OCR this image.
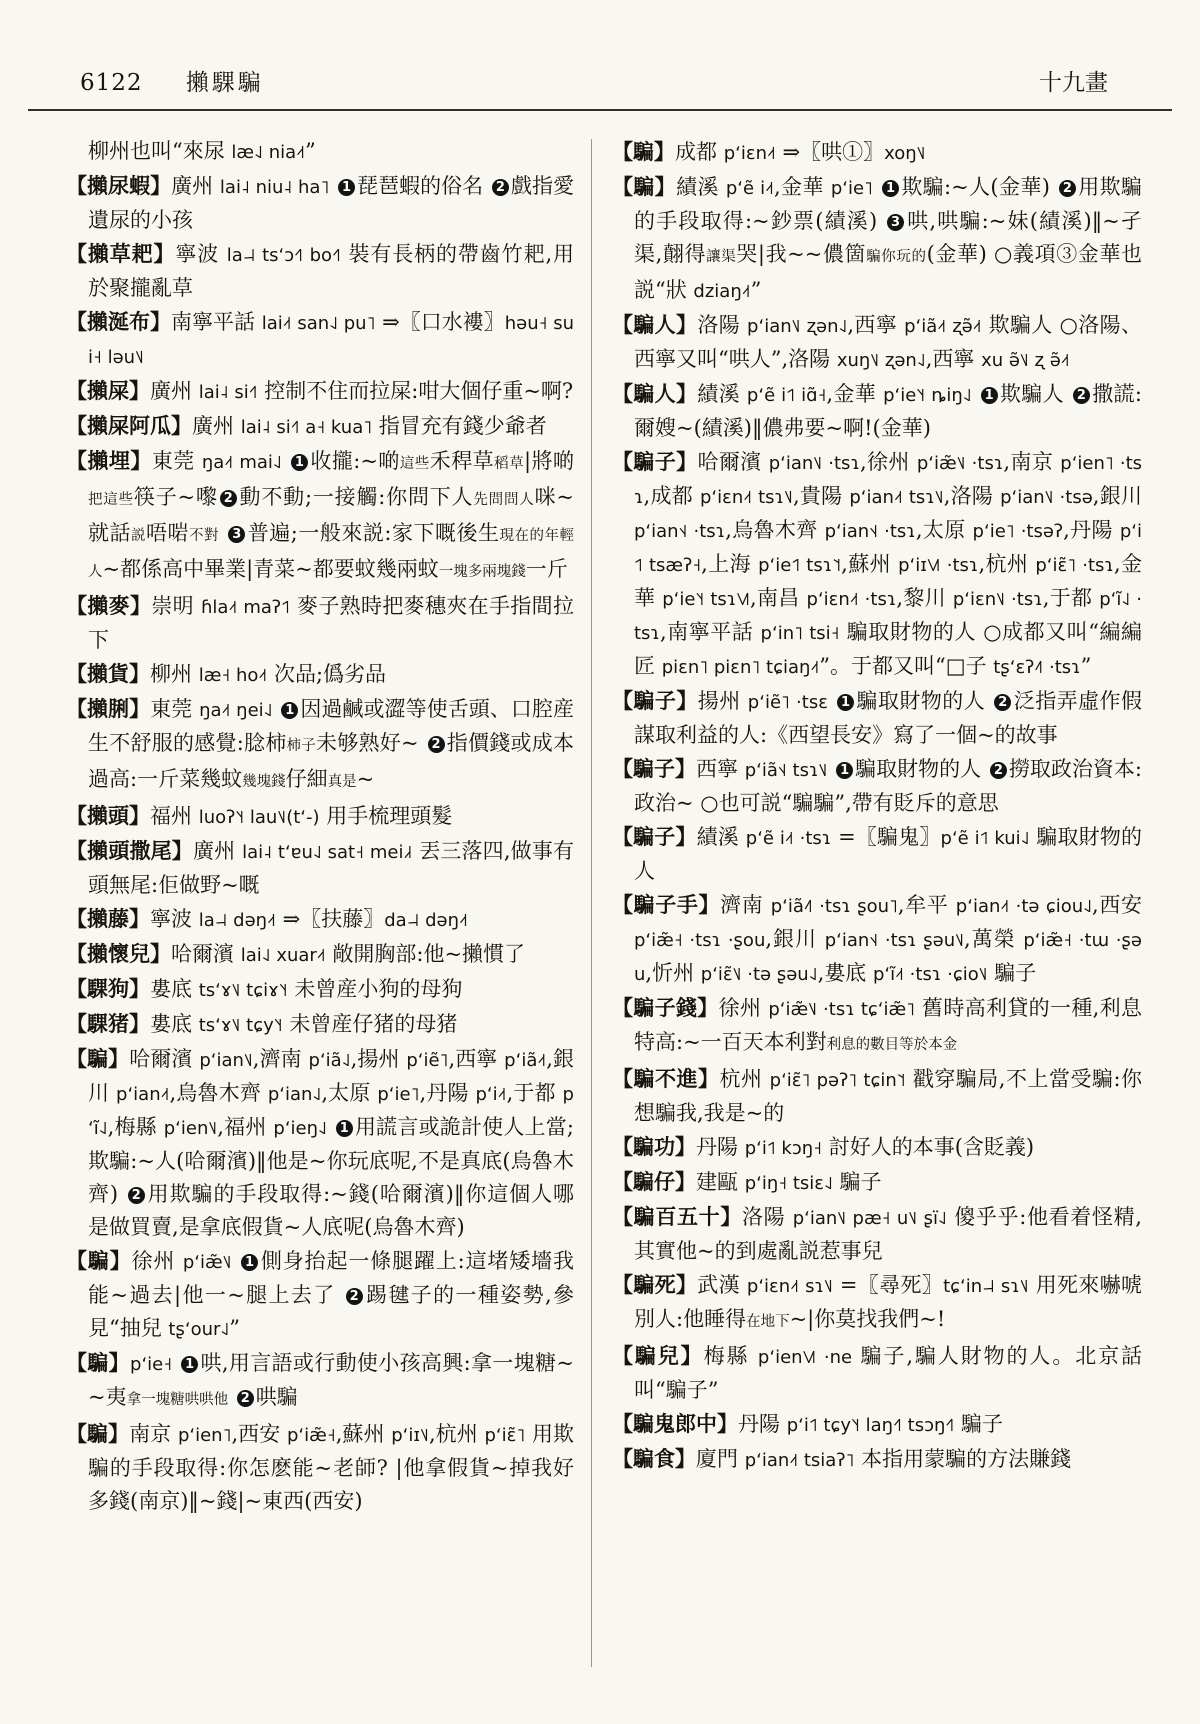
6122 攋騍騙	十九畫
柳州也叫“來尿 læ˨˩ nia˨˦”
【攋尿蝦】廣州 lai˨ niu˨ ha˥ 1 琵琶蝦的俗名 2 戲指愛遺尿的小孩
【攋草耙】寧波 la˨˨ tsʻɔ˧˥ bo˧˥ 裝有長柄的帶齒竹耙,用於聚攏亂草
【攋涎布】南寧平話 lai˨˦ san˨˩ pu˥ ⇒〖口水褸〗həu˧ sui˧ ləu˥˩
【攋屎】廣州 lai˨ si˧˥ 控制不住而拉屎:咁大個仔重~啊?
【攋屎阿瓜】廣州 lai˨ si˧˥ a˧ kua˥ 指冒充有錢少爺者
【攋埋】東莞 ŋa˨˦ mai˨˩ 1 收攏:~啲這些禾稈草稻草|將啲把這些筷子~嚟 2 動不動;一接觸:你問下人先問問人咪~就話説唔啱不對 3 普遍;一般來説:家下嘅後生現在的年輕人~都係高中畢業|青菜~都要蚊幾兩蚊一塊多兩塊錢一斤
【攋麥】崇明 ɦla˨˦ maʔ˦˥ 麥子熟時把麥穗夾在手指間拉下
【攋貨】柳州 læ˧ ho˨˦ 次品;僞劣品
【攋脷】東莞 ŋa˨˦ ŋei˨˩ 1 因過鹹或澀等使舌頭、口腔産生不舒服的感覺:腍柿柿子未够熟好~ 2 指價錢或成本過高:一斤菜幾蚊幾塊錢仔細真是~
【攋頭】福州 luoʔ˥˧ lau˥˩(tʻ-) 用手梳理頭髮
【攋頭撒尾】廣州 lai˨ tʻɐu˨˩ sat˧ mei˩˧ 丟三落四,做事有頭無尾:佢做野~嘅
【攋藤】寧波 la˨˨ dəŋ˨˦ ⇒〖扶藤〗da˨˨ dəŋ˨˦
【攋懷兒】哈爾濱 lai˨˩ xuar˨˦ 敞開胸部:他~攋慣了
【騍狗】婁底 tsʻɤ˥˩ tɕiɤ˥˧ 未曾産小狗的母狗
【騍猪】婁底 tsʻɤ˥˩ tɕy˥˧ 未曾産仔猪的母猪
【騙】哈爾濱 pʻian˥˩,濟南 pʻiã˨˩,揚州 pʻiẽ˥,西寧 pʻiã˨˦,銀川 pʻian˨˦,烏魯木齊 pʻian˨˩,太原 pʻie˥,丹陽 pʻi˨˦,于都 pʻĩ˨˩,梅縣 pʻien˥˩,福州 pʻieŋ˨˩ 1 用謊言或詭計使人上當;欺騙:~人(哈爾濱)‖他是~你玩底呢,不是真底(烏魯木齊) 2 用欺騙的手段取得:~錢(哈爾濱)‖你這個人哪是做買賣,是拿底假貨~人底呢(烏魯木齊)
【騙】徐州 pʻiæ̃˥˩ 1 側身抬起一條腿躍上:這堵矮墻我能~過去|他一~腿上去了 2 踢毽子的一種姿勢,參見“抽兒 tʂʻour˨˩”
【騙】pʻie˧ 1 哄,用言語或行動使小孩高興:拿一塊糖~~夷拿一塊糖哄哄他 2 哄騙
【騙】南京 pʻien˥,西安 pʻiæ̃˧,蘇州 pʻiɪ˥˩,杭州 pʻiɛ̃˥ 用欺騙的手段取得:你怎麽能~老師? |他拿假貨~掉我好多錢(南京)‖~錢|~東西(西安)
【騙】成都 pʻiɛn˨˦ ⇒〖哄①〗xoŋ˥˩
【騙】績溪 pʻẽ i˨˦,金華 pʻie˥ 1 欺騙:~人(金華) 2 用欺騙的手段取得:~鈔票(績溪) 3 哄,哄騙:~妹(績溪)‖~孑渠,翸得讓渠哭|我~~儂箇騙你玩的(金華) ○義項③金華也説“狀 dziaŋ˨˦”
【騙人】洛陽 pʻian˥˩ ʐən˨˩,西寧 pʻiã˨˦ ʐə̃˨˦ 欺騙人 ○洛陽、西寧又叫“哄人”,洛陽 xuŋ˥˩ ʐən˨˩,西寧 xu ə̃˥˩ ʐ ə̃˨˦
【騙人】績溪 pʻẽ i˦˥ iɑ̃˧,金華 pʻie˥˧ ȵiŋ˨˩ 1 欺騙人 2 撒謊:爾嫂~(績溪)‖儂弗要~啊!(金華)
【騙子】哈爾濱 pʻian˥˩ ·tsɿ,徐州 pʻiæ̃˥˩ ·tsɿ,南京 pʻien˥ ·tsɿ,成都 pʻiɛn˨˦ tsɿ˥˩,貴陽 pʻian˨˦ tsɿ˥˩,洛陽 pʻian˥˩ ·tsə,銀川 pʻian˦˨ ·tsɿ,烏魯木齊 pʻian˦˨ ·tsɿ,太原 pʻie˥ ·tsəʔ,丹陽 pʻi˦˥ tsæʔ˧,上海 pʻie˦˥ tsɿ˥˦,蘇州 pʻiɪ˥˩˥ ·tsɿ,杭州 pʻiɛ̃˥ ·tsɿ,金華 pʻie˥˧ tsɿ˥˩˥,南昌 pʻiɛn˨˦ ·tsɿ,黎川 pʻiɛn˥˩ ·tsɿ,于都 pʻĩ˨˩ ·tsɿ,南寧平話 pʻin˥ tsi˧ 騙取財物的人 ○成都又叫“編編匠 piɛn˥ piɛn˥ tɕiaŋ˨˦”。于都又叫“□子 tʂʻɛʔ˨˥ ·tsɿ”
【騙子】揚州 pʻiẽ˥ ·tsɛ 1 騙取財物的人 2 泛指弄虛作假謀取利益的人:《西望長安》寫了一個~的故事
【騙子】西寧 pʻiã˦˨ tsɿ˥˩ 1 騙取財物的人 2 撈取政治資本:政治~ ○也可説“騙騙”,帶有貶斥的意思
【騙子】績溪 pʻẽ i˨˦ ·tsɿ =〖騙鬼〗pʻẽ i˦˥ kui˨˩ 騙取財物的人
【騙子手】濟南 pʻiã˨˥ ·tsɿ ʂou˥,牟平 pʻian˨˦ ·tə ɕiou˨˩,西安 pʻiæ̃˧ ·tsɿ ·ʂou,銀川 pʻian˦˨ ·tsɿ ʂəu˥˩,萬榮 pʻiæ̃˧ ·tɯ ·ʂəu,忻州 pʻiɛ̃˥˩ ·tə ʂəu˨˩,婁底 pʻĩ˨˦ ·tsɿ ·ɕio˥˩ 騙子
【騙子錢】徐州 pʻiæ̃˥˩ ·tsɿ tɕʻiæ̃˥ 舊時高利貸的一種,利息特高:~一百天本利對利息的數目等於本金
【騙不進】杭州 pʻiɛ̃˥ pəʔ˥ tɕin˥˦ 戳穿騙局,不上當受騙:你想騙我,我是~的
【騙功】丹陽 pʻi˦˥ kɔŋ˧ 討好人的本事(含貶義)
【騙仔】建甌 pʻiŋ˧ tsiɛ˨˩ 騙子
【騙百五十】洛陽 pʻian˥˩ pæ˧ u˥˩ ʂï˨˩ 傻乎乎:他看着怪精,其實他~的到處亂説惹事兒
【騙死】武漢 pʻiɛn˨˦ sɿ˥˩ =〖尋死〗tɕʻin˨˨ sɿ˥˩ 用死來嚇唬別人:他睡得在地下~|你莫找我們~!
【騙兒】梅縣 pʻien˥˩˥ ·ne 騙子,騙人財物的人。北京話叫“騙子”
【騙鬼郎中】丹陽 pʻi˦˥ tɕy˥˧ laŋ˧˥ tsɔŋ˧˥ 騙子
【騙食】廈門 pʻian˨˦ tsiaʔ˥ 本指用蒙騙的方法賺錢
